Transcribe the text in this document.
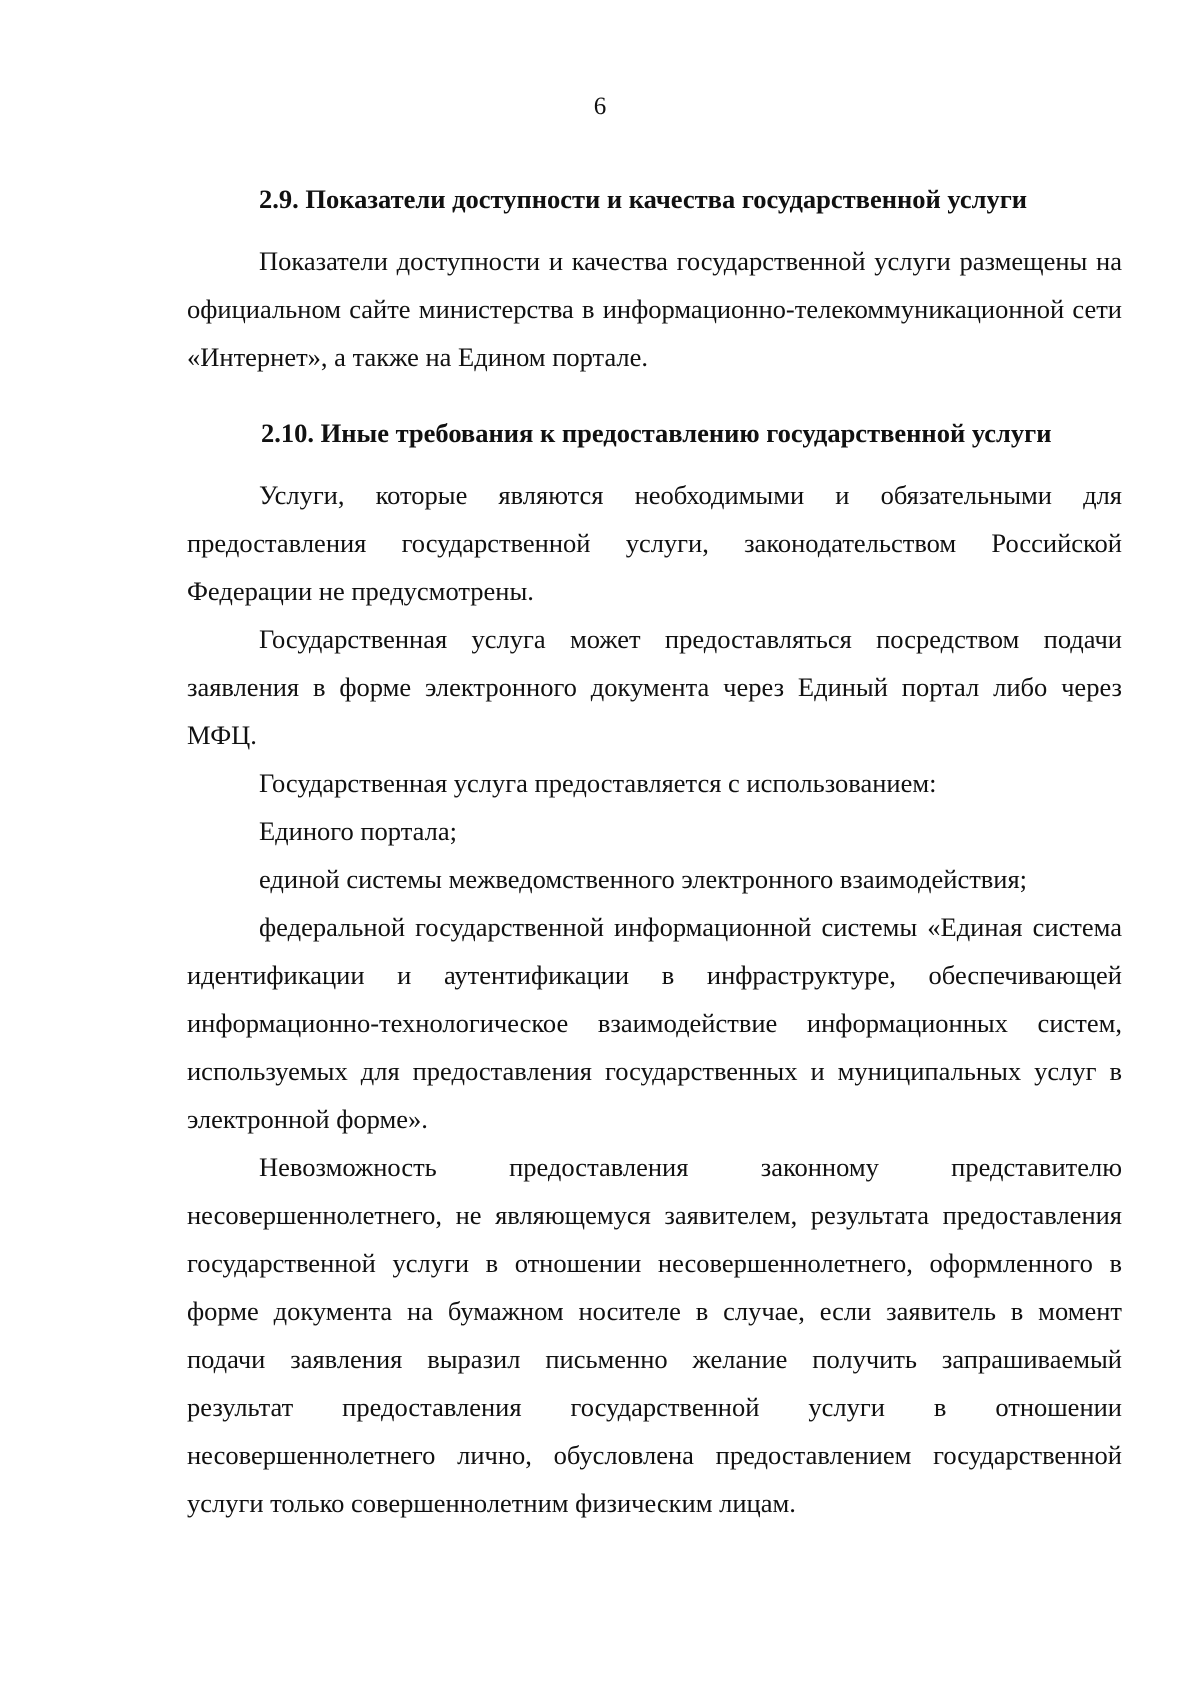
6
2.9. Показатели доступности и качества государственной услуги

Показатели доступности и качества государственной услуги размещены на официальном сайте министерства в информационно-телекоммуникационной сети «Интернет», а также на Едином портале.

2.10. Иные требования к предоставлению государственной услуги

Услуги, которые являются необходимыми и обязательными для предоставления государственной услуги, законодательством Российской Федерации не предусмотрены.

Государственная услуга может предоставляться посредством подачи заявления в форме электронного документа через Единый портал либо через МФЦ.

Государственная услуга предоставляется с использованием:

Единого портала;

единой системы межведомственного электронного взаимодействия;

федеральной государственной информационной системы «Единая система идентификации и аутентификации в инфраструктуре, обеспечивающей информационно-технологическое взаимодействие информационных систем, используемых для предоставления государственных и муниципальных услуг в электронной форме».

Невозможность предоставления законному представителю несовершеннолетнего, не являющемуся заявителем, результата предоставления государственной услуги в отношении несовершеннолетнего, оформленного в форме документа на бумажном носителе в случае, если заявитель в момент подачи заявления выразил письменно желание получить запрашиваемый результат предоставления государственной услуги в отношении несовершеннолетнего лично, обусловлена предоставлением государственной услуги только совершеннолетним физическим лицам.
